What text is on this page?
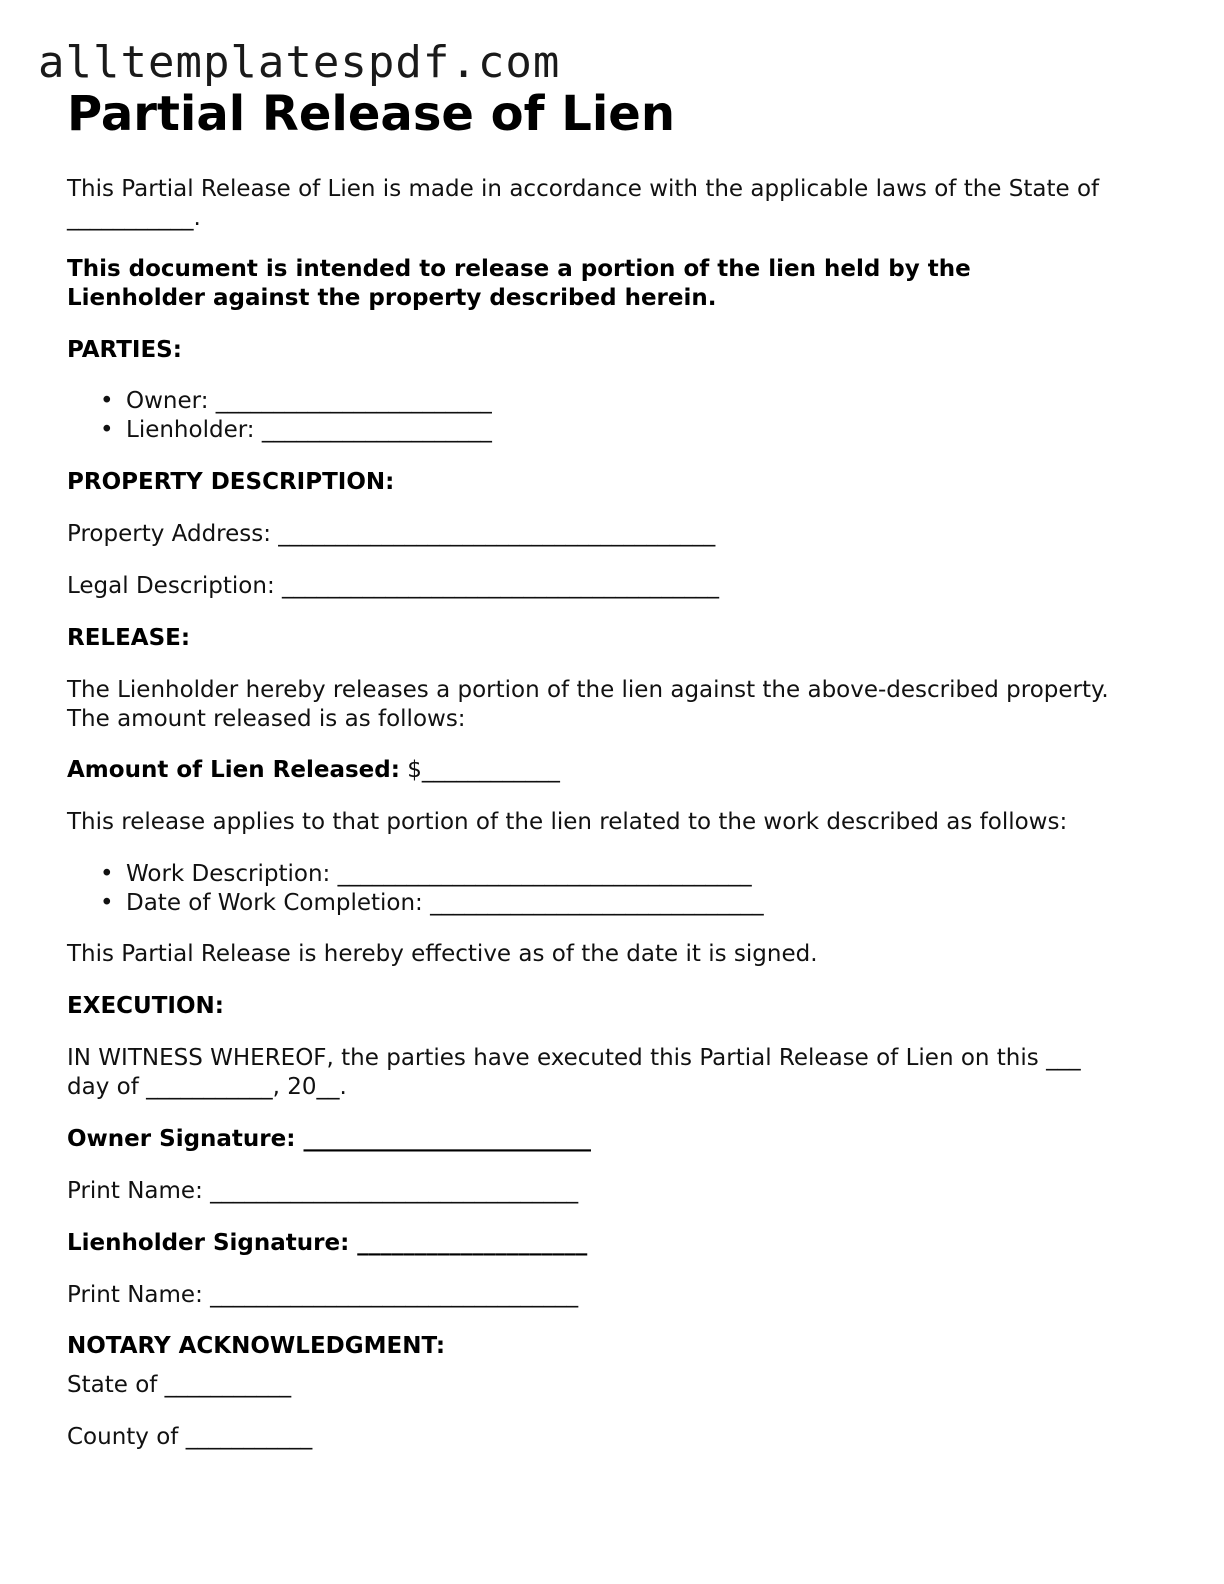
alltemplatespdf.com
Partial Release of Lien

This Partial Release of Lien is made in accordance with the applicable laws of the State of

___________.

This document is intended to release a portion of the lien held by the

Lienholder against the property described herein.

PARTIES:

• Owner: ________________________
• Lienholder: ____________________

PROPERTY DESCRIPTION:

Property Address: ______________________________________

Legal Description: ______________________________________

RELEASE:

The Lienholder hereby releases a portion of the lien against the above-described property.

The amount released is as follows:

Amount of Lien Released: $____________

This release applies to that portion of the lien related to the work described as follows:

• Work Description: ____________________________________
• Date of Work Completion: _____________________________

This Partial Release is hereby effective as of the date it is signed.

EXECUTION:

IN WITNESS WHEREOF, the parties have executed this Partial Release of Lien on this ___

day of ___________, 20__.

Owner Signature: _________________________

Print Name: ________________________________

Lienholder Signature: ____________________

Print Name: ________________________________

NOTARY ACKNOWLEDGMENT:

State of ___________

County of ___________
